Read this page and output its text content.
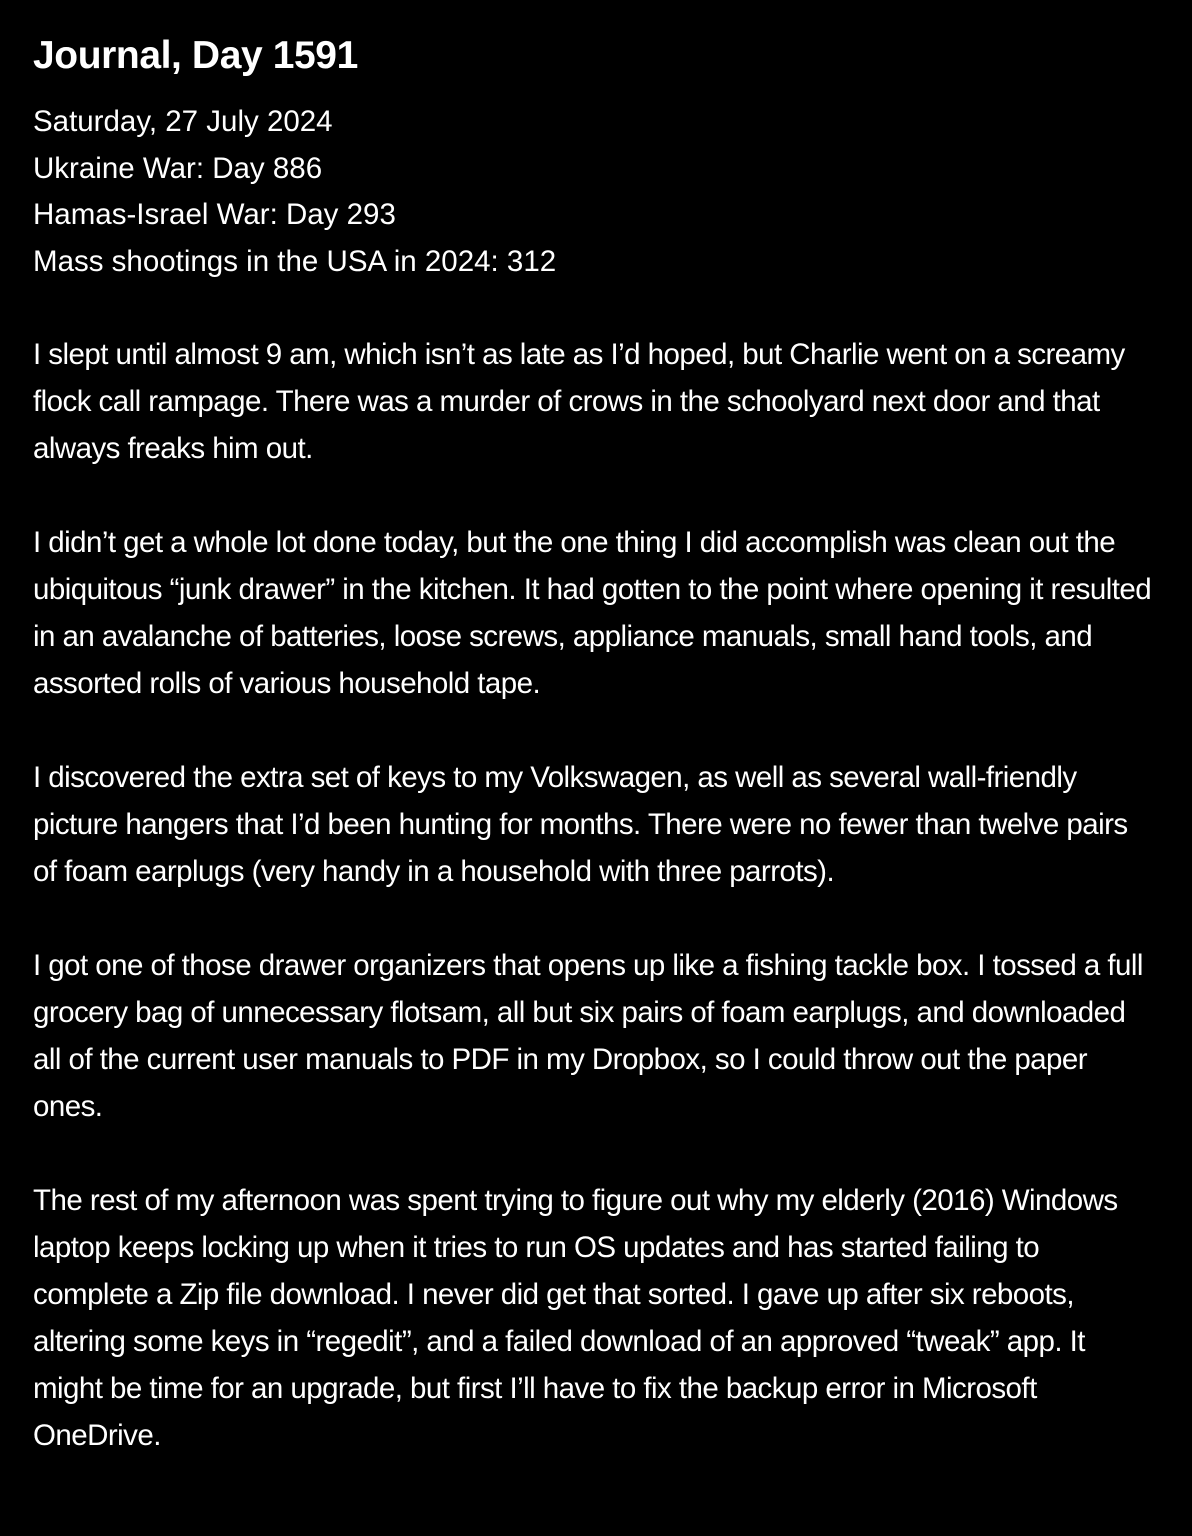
Journal, Day 1591
Saturday, 27 July 2024
Ukraine War: Day 886
Hamas-Israel War: Day 293
Mass shootings in the USA in 2024: 312

I slept until almost 9 am, which isn’t as late as I’d hoped, but Charlie went on a screamy flock call rampage. There was a murder of crows in the schoolyard next door and that always freaks him out.

I didn’t get a whole lot done today, but the one thing I did accomplish was clean out the ubiquitous “junk drawer” in the kitchen. It had gotten to the point where opening it resulted in an avalanche of batteries, loose screws, appliance manuals, small hand tools, and assorted rolls of various household tape.

I discovered the extra set of keys to my Volkswagen, as well as several wall-friendly picture hangers that I’d been hunting for months. There were no fewer than twelve pairs of foam earplugs (very handy in a household with three parrots).

I got one of those drawer organizers that opens up like a fishing tackle box. I tossed a full grocery bag of unnecessary flotsam, all but six pairs of foam earplugs, and downloaded all of the current user manuals to PDF in my Dropbox, so I could throw out the paper ones.

The rest of my afternoon was spent trying to figure out why my elderly (2016) Windows laptop keeps locking up when it tries to run OS updates and has started failing to complete a Zip file download. I never did get that sorted. I gave up after six reboots, altering some keys in “regedit”, and a failed download of an approved “tweak” app. It might be time for an upgrade, but first I’ll have to fix the backup error in Microsoft OneDrive.
